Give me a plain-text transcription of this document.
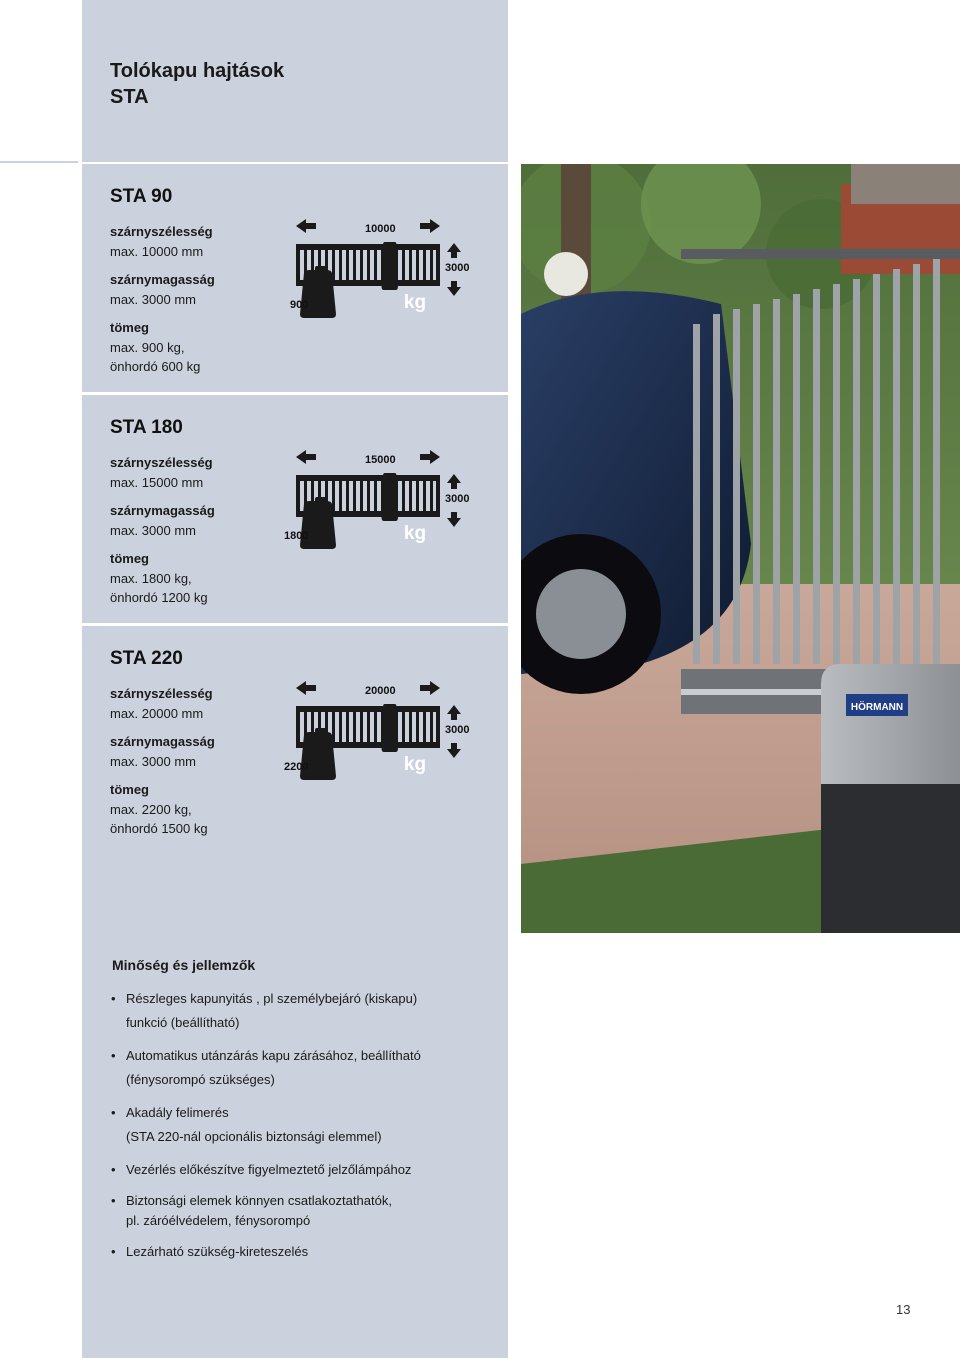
Tolókapu hajtások
STA
STA 90
szárnyszélesség
max. 10000 mm
szárnymagasság
max. 3000 mm
tömeg
max. 900 kg,
önhordó 600 kg
10000
3000
900	kg
STA 180
szárnyszélesség
max. 15000 mm
szárnymagasság
max. 3000 mm
tömeg
max. 1800 kg,
önhordó 1200 kg
15000
3000
1800	kg
STA 220
szárnyszélesség
max. 20000 mm
szárnymagasság
max. 3000 mm
tömeg
max. 2200 kg,
önhordó 1500 kg
20000
3000
2200	kg
HÖRMANN
Minőség és jellemzők
• Részleges kapunyitás , pl személybejáró (kiskapu)
funkció (beállítható)
• Automatikus utánzárás kapu zárásához, beállítható
(fénysorompó szükséges)
• Akadály felimerés
(STA 220-nál opcionális biztonsági elemmel)
• Vezérlés előkészítve figyelmeztető jelzőlámpához
• Biztonsági elemek könnyen csatlakoztathatók,
pl. záróélvédelem, fénysorompó
• Lezárható szükség-kireteszelés
13
